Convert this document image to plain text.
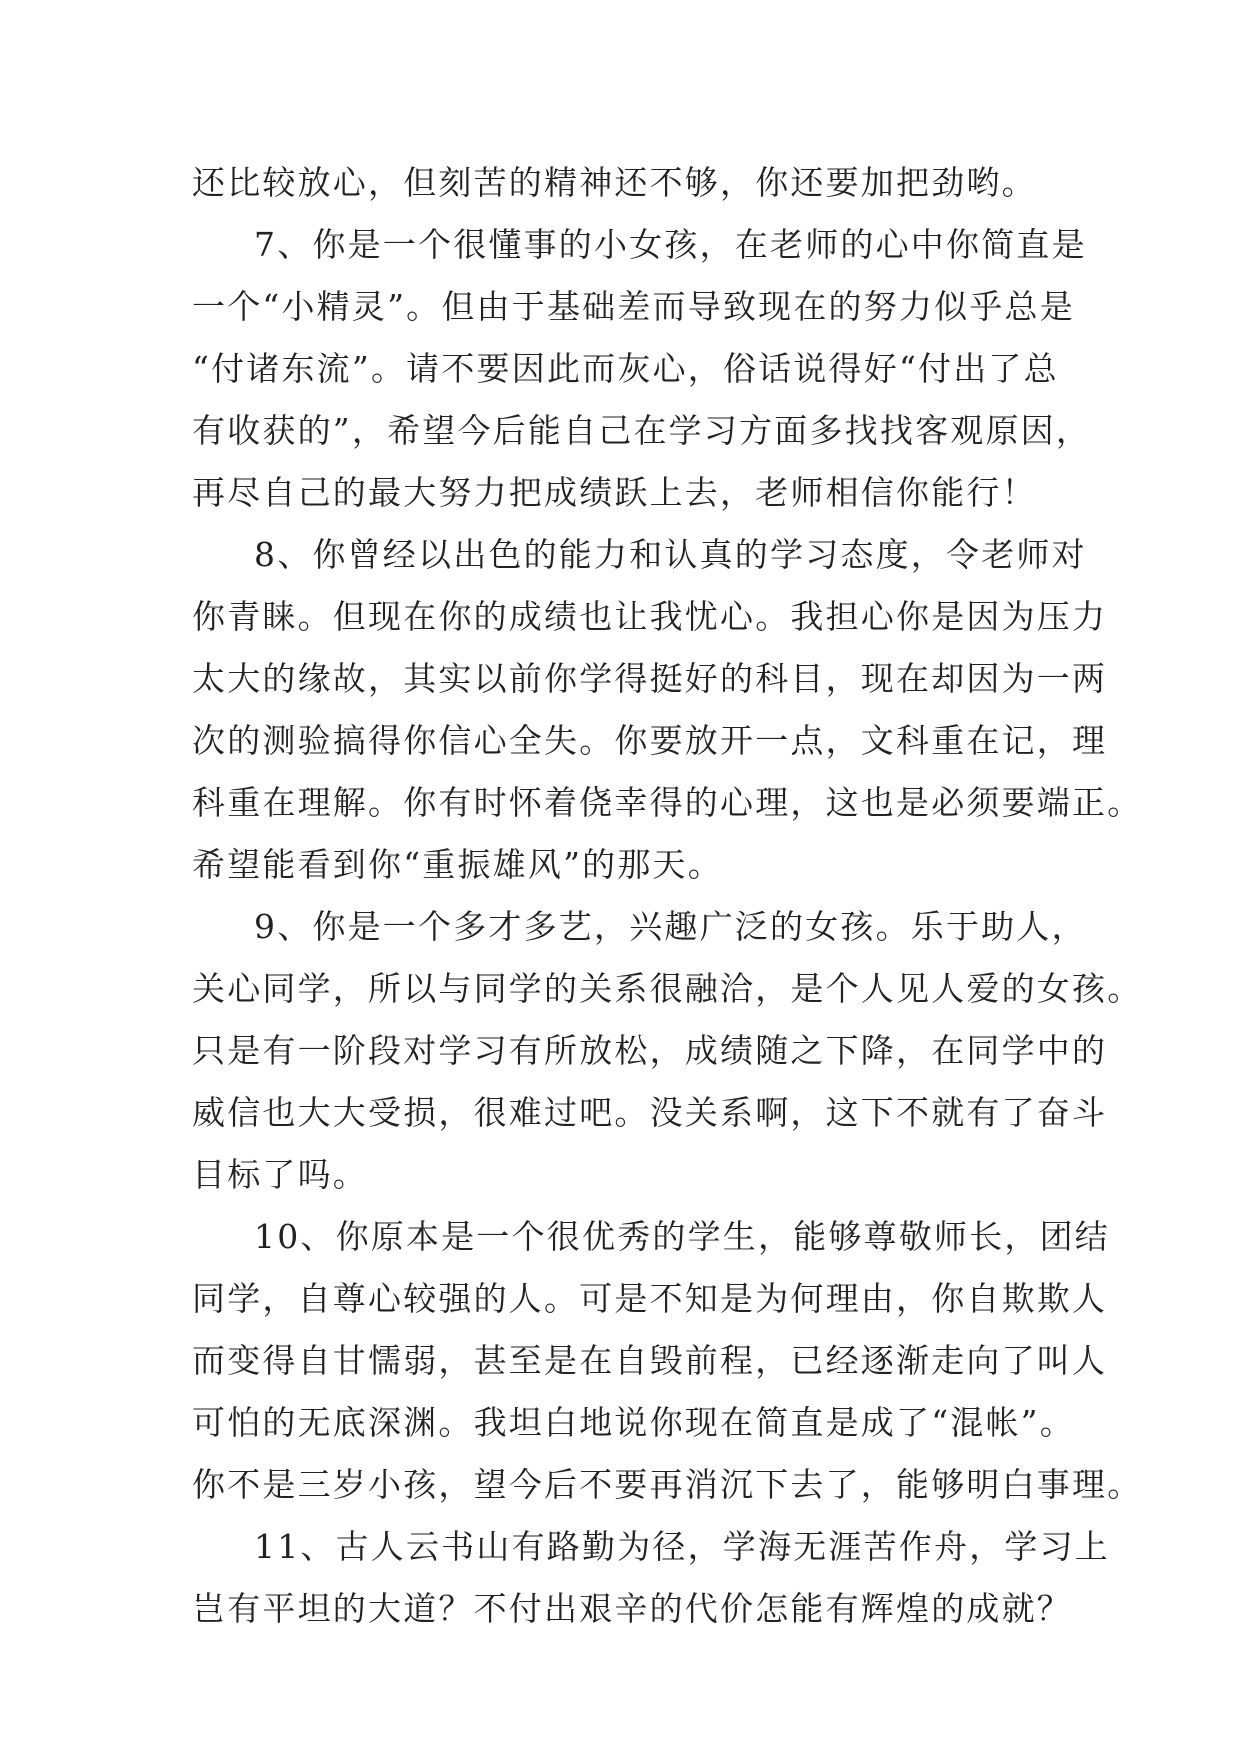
还比较放心，但刻苦的精神还不够，你还要加把劲哟。
7、你是一个很懂事的小女孩，在老师的心中你简直是
一个“小精灵”。但由于基础差而导致现在的努力似乎总是
“付诸东流”。请不要因此而灰心，俗话说得好“付出了总
有收获的”，希望今后能自己在学习方面多找找客观原因，
再尽自己的最大努力把成绩跃上去，老师相信你能行！
8、你曾经以出色的能力和认真的学习态度，令老师对
你青睐。但现在你的成绩也让我忧心。我担心你是因为压力
太大的缘故，其实以前你学得挺好的科目，现在却因为一两
次的测验搞得你信心全失。你要放开一点，文科重在记，理
科重在理解。你有时怀着侥幸得的心理，这也是必须要端正。
希望能看到你“重振雄风”的那天。
9、你是一个多才多艺，兴趣广泛的女孩。乐于助人，
关心同学，所以与同学的关系很融洽，是个人见人爱的女孩。
只是有一阶段对学习有所放松，成绩随之下降，在同学中的
威信也大大受损，很难过吧。没关系啊，这下不就有了奋斗
目标了吗。
10、你原本是一个很优秀的学生，能够尊敬师长，团结
同学，自尊心较强的人。可是不知是为何理由，你自欺欺人
而变得自甘懦弱，甚至是在自毁前程，已经逐渐走向了叫人
可怕的无底深渊。我坦白地说你现在简直是成了“混帐”。
你不是三岁小孩，望今后不要再消沉下去了，能够明白事理。
11、古人云书山有路勤为径，学海无涯苦作舟，学习上
岂有平坦的大道？不付出艰辛的代价怎能有辉煌的成就？
